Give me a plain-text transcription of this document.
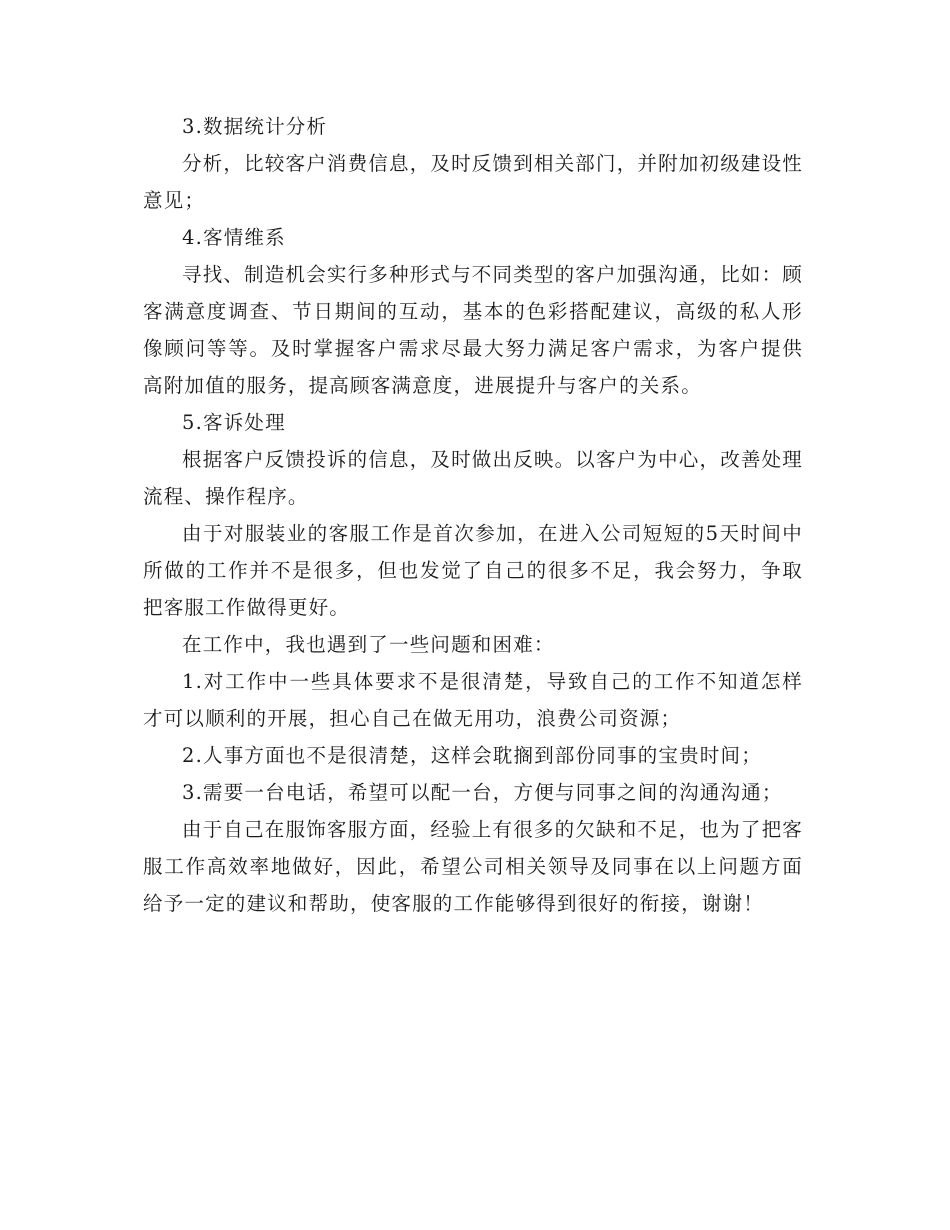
3.数据统计分析

分析，比较客户消费信息，及时反馈到相关部门，并附加初级建设性意见；

4.客情维系

寻找、制造机会实行多种形式与不同类型的客户加强沟通，比如：顾客满意度调查、节日期间的互动，基本的色彩搭配建议，高级的私人形像顾问等等。及时掌握客户需求尽最大努力满足客户需求，为客户提供高附加值的服务，提高顾客满意度，进展提升与客户的关系。

5.客诉处理

根据客户反馈投诉的信息，及时做出反映。以客户为中心，改善处理流程、操作程序。

由于对服装业的客服工作是首次参加，在进入公司短短的5天时间中所做的工作并不是很多，但也发觉了自己的很多不足，我会努力，争取把客服工作做得更好。

在工作中，我也遇到了一些问题和困难：

1.对工作中一些具体要求不是很清楚，导致自己的工作不知道怎样才可以顺利的开展，担心自己在做无用功，浪费公司资源；

2.人事方面也不是很清楚，这样会耽搁到部份同事的宝贵时间；

3.需要一台电话，希望可以配一台，方便与同事之间的沟通沟通；

由于自己在服饰客服方面，经验上有很多的欠缺和不足，也为了把客服工作高效率地做好，因此，希望公司相关领导及同事在以上问题方面给予一定的建议和帮助，使客服的工作能够得到很好的衔接，谢谢！
